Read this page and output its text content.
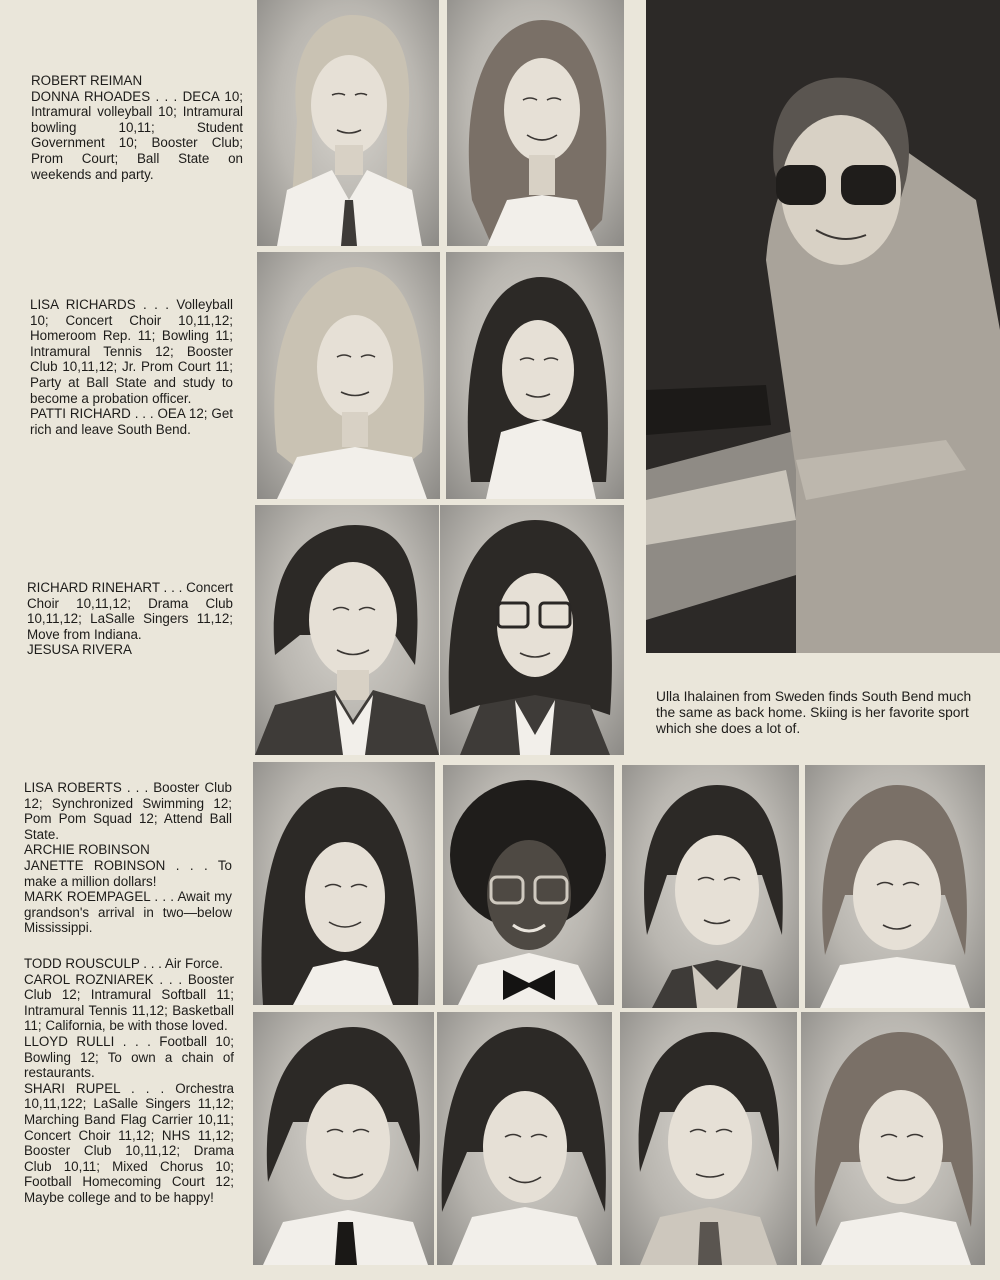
ROBERT REIMAN

DONNA RHOADES . . . DECA 10; Intramural volleyball 10; Intramural bowling 10,11; Student Government 10; Booster Club; Prom Court; Ball State on weekends and party.

LISA RICHARDS . . . Volleyball 10; Concert Choir 10,11,12; Homeroom Rep. 11; Bowling 11; Intramural Tennis 12; Booster Club 10,11,12; Jr. Prom Court 11; Party at Ball State and study to become a probation officer.

PATTI RICHARD . . . OEA 12; Get rich and leave South Bend.

RICHARD RINEHART . . . Concert Choir 10,11,12; Drama Club 10,11,12; LaSalle Singers 11,12; Move from Indiana.

JESUSA RIVERA

LISA ROBERTS . . . Booster Club 12; Synchronized Swimming 12; Pom Pom Squad 12; Attend Ball State.

ARCHIE ROBINSON

JANETTE ROBINSON . . . To make a million dollars!

MARK ROEMPAGEL . . . Await my grandson's arrival in two—below Mississippi.

TODD ROUSCULP . . . Air Force.

CAROL ROZNIAREK . . . Booster Club 12; Intramural Softball 11; Intramural Tennis 11,12; Basketball 11; California, be with those loved.

LLOYD RULLI . . . Football 10; Bowling 12; To own a chain of restaurants.

SHARI RUPEL . . . Orchestra 10,11,122; LaSalle Singers 11,12; Marching Band Flag Carrier 10,11; Concert Choir 11,12; NHS 11,12; Booster Club 10,11,12; Drama Club 10,11; Mixed Chorus 10; Football Homecoming Court 12; Maybe college and to be happy!

Ulla Ihalainen from Sweden finds South Bend much the same as back home. Skiing is her favorite sport which she does a lot of.
